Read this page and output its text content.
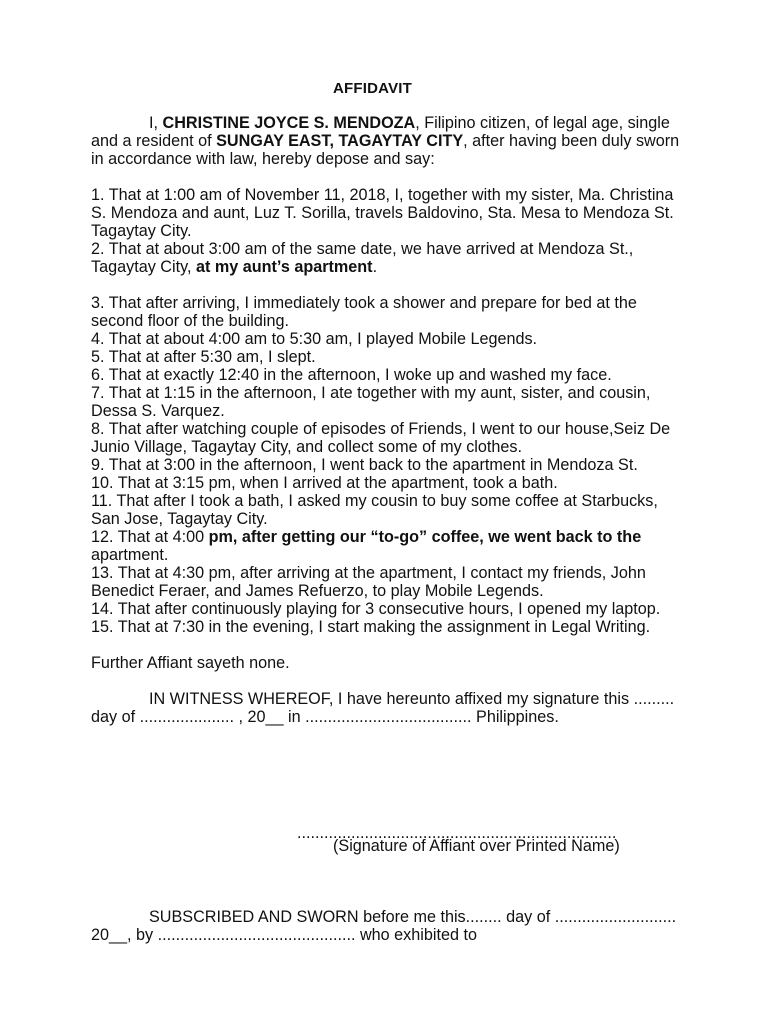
AFFIDAVIT

I, CHRISTINE JOYCE S. MENDOZA, Filipino citizen, of legal age, single and a resident of SUNGAY EAST, TAGAYTAY CITY, after having been duly sworn in accordance with law, hereby depose and say:

1. That at 1:00 am of November 11, 2018, I, together with my sister, Ma. Christina S. Mendoza and aunt, Luz T. Sorilla, travels Baldovino, Sta. Mesa to Mendoza St. Tagaytay City.

2. That at about 3:00 am of the same date, we have arrived at Mendoza St., Tagaytay City, at my aunt’s apartment.

3. That after arriving, I immediately took a shower and prepare for bed at the second floor of the building.

4. That at about 4:00 am to 5:30 am, I played Mobile Legends.

5. That at after 5:30 am, I slept.

6. That at exactly 12:40 in the afternoon, I woke up and washed my face.

7. That at 1:15 in the afternoon, I ate together with my aunt, sister, and cousin, Dessa S. Varquez.

8. That after watching couple of episodes of Friends, I went to our house,Seiz De Junio Village, Tagaytay City, and collect some of my clothes.

9. That at 3:00 in the afternoon, I went back to the apartment in Mendoza St.

10. That at 3:15 pm, when I arrived at the apartment, took a bath.

11. That after I took a bath, I asked my cousin to buy some coffee at Starbucks, San Jose, Tagaytay City.

12. That at 4:00 pm, after getting our “to-go” coffee, we went back to the apartment.

13. That at 4:30 pm, after arriving at the apartment, I contact my friends, John Benedict Feraer, and James Refuerzo, to play Mobile Legends.

14. That after continuously playing for 3 consecutive hours, I opened my laptop.

15. That at 7:30 in the evening, I start making the assignment in Legal Writing.

Further Affiant sayeth none.

IN WITNESS WHEREOF, I have hereunto affixed my signature this ......... day of ..................... , 20__ in ..................................... Philippines.

.......................................................................
(Signature of Affiant over Printed Name)

SUBSCRIBED AND SWORN before me this........ day of ........................... 20__, by ............................................ who exhibited to
